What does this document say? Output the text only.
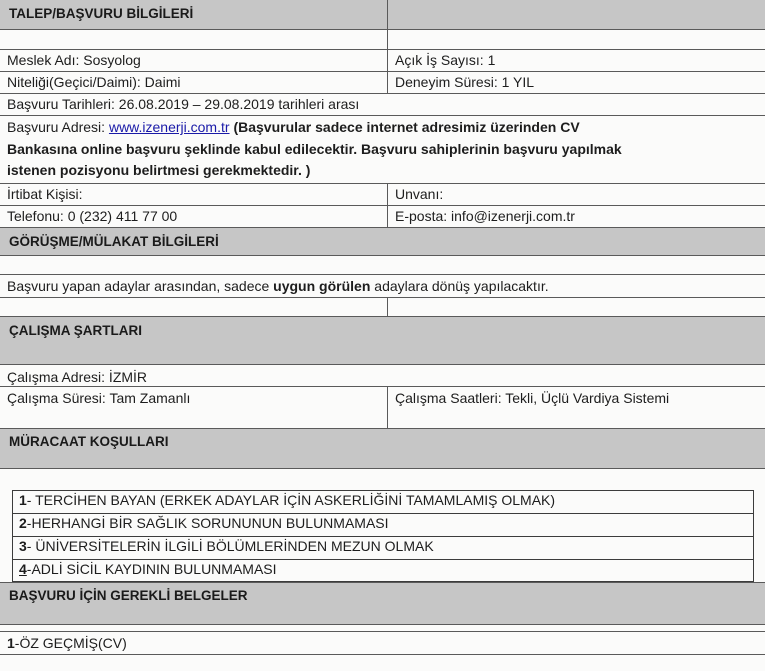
TALEP/BAŞVURU BİLGİLERİ
Meslek Adı: Sosyolog	Açık İş Sayısı: 1
Niteliği(Geçici/Daimi): Daimi	Deneyim Süresi: 1 YIL
Başvuru Tarihleri: 26.08.2019 – 29.08.2019 tarihleri arası
Başvuru Adresi: www.izenerji.com.tr (Başvurular sadece internet adresimiz üzerinden CV
Bankasına online başvuru şeklinde kabul edilecektir. Başvuru sahiplerinin başvuru yapılmak
istenen pozisyonu belirtmesi gerekmektedir. )
İrtibat Kişisi:	Unvanı:
Telefonu: 0 (232) 411 77 00	E-posta: info@izenerji.com.tr
GÖRÜŞME/MÜLAKAT BİLGİLERİ
Başvuru yapan adaylar arasından, sadece uygun görülen adaylara dönüş yapılacaktır.
ÇALIŞMA ŞARTLARI
Çalışma Adresi: İZMİR
Çalışma Süresi: Tam Zamanlı	Çalışma Saatleri: Tekli, Üçlü Vardiya Sistemi
MÜRACAAT KOŞULLARI
1- TERCİHEN BAYAN (ERKEK ADAYLAR İÇİN ASKERLİĞİNİ TAMAMLAMIŞ OLMAK)
2-HERHANGİ BİR SAĞLIK SORUNUNUN BULUNMAMASI
3- ÜNİVERSİTELERİN İLGİLİ BÖLÜMLERİNDEN MEZUN OLMAK
4-ADLİ SİCİL KAYDININ BULUNMAMASI
BAŞVURU İÇİN GEREKLİ BELGELER
1-ÖZ GEÇMİŞ(CV)
